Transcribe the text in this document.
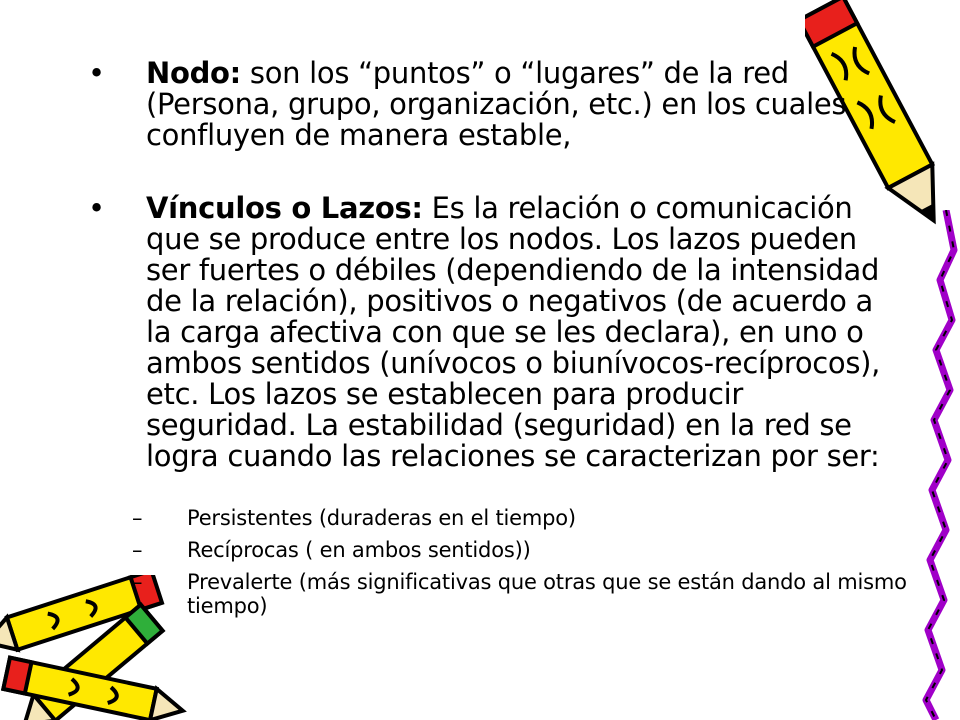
•	Nodo: son los “puntos” o “lugares” de la red (Persona, grupo, organización, etc.) en los cuales confluyen de manera estable,
•	Vínculos o Lazos: Es la relación o comunicación que se produce entre los nodos. Los lazos pueden ser fuertes o débiles (dependiendo de la intensidad de la relación), positivos o negativos (de acuerdo a la carga afectiva con que se les declara), en uno o ambos sentidos (unívocos o biunívocos-recíprocos), etc. Los lazos se establecen para producir seguridad. La estabilidad (seguridad) en la red se logra cuando las relaciones se caracterizan por ser:
– Persistentes (duraderas en el tiempo)
– Recíprocas ( en ambos sentidos))
– Prevalerte (más significativas que otras que se están dando al mismo tiempo)
